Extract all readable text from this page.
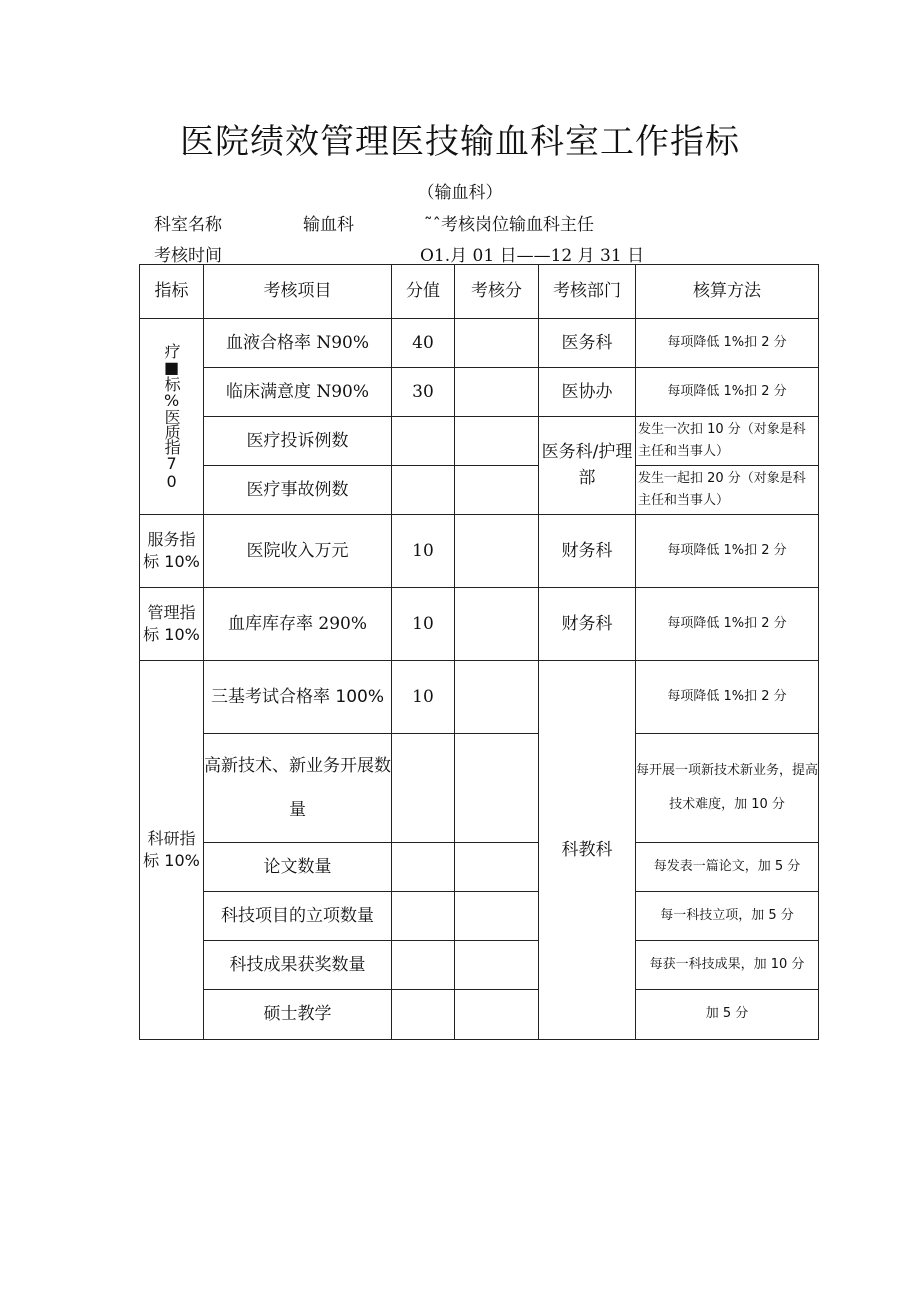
医院绩效管理医技输血科室工作指标
（输血科）
科室名称	输血科	˜ˆ考核岗位输血科主任
考核时间	O1.月 01 日——12 月 31 日
指标	考核项目	分值	考核分	考核部门	核算方法

疗■标%医质指70	血液合格率 N90%	40		医务科	每项降低 1%扣 2 分
	临床满意度 N90%	30		医协办	每项降低 1%扣 2 分
	医疗投诉例数			医务科/护理部	发生一次扣 10 分（对象是科主任和当事人）
	医疗事故例数				发生一起扣 20 分（对象是科主任和当事人）
服务指标 10%	医院收入万元	10		财务科	每项降低 1%扣 2 分
管理指标 10%	血库库存率 290%	10		财务科	每项降低 1%扣 2 分
科研指标 10%	三基考试合格率 100%	10		科教科	每项降低 1%扣 2 分
	高新技术、新业务开展数量				每开展一项新技术新业务，提高技术难度，加 10 分
	论文数量				每发表一篇论文，加 5 分
	科技项目的立项数量				每一科技立项，加 5 分
	科技成果获奖数量				每获一科技成果，加 10 分
	硕士教学				加 5 分
